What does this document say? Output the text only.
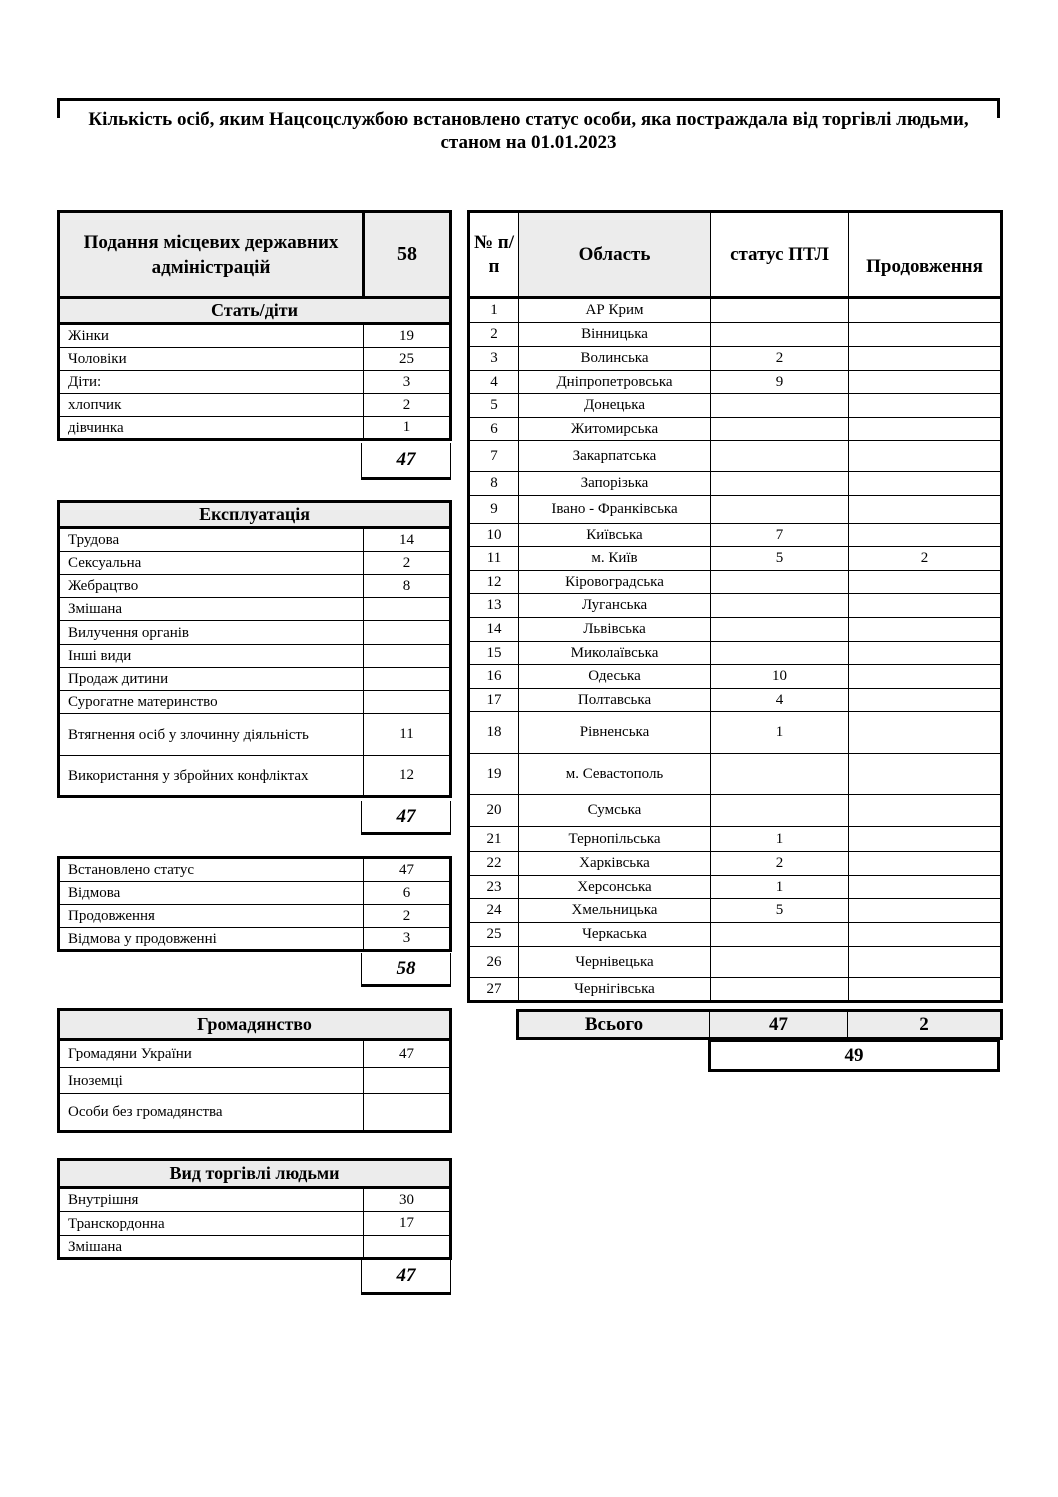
Кількість осіб, яким Нацсоцслужбою встановлено статус особи, яка постраждала від торгівлі людьми, станом на 01.01.2023
Подання місцевих державних адміністрацій	58
Стать/діти	
Жінки	19
Чоловіки	25
Діти:	3
хлопчик	2
дівчинка	1
47
Експлуатація	
Трудова	14
Сексуальна	2
Жебрацтво	8
Змішана	
Вилучення органів	
Інші види	
Продаж дитини	
Сурогатне материнство	
Втягнення осіб у злочинну діяльність	11
Використання у збройних конфліктах	12
47
Встановлено статус	47
Відмова	6
Продовження	2
Відмова у продовженні	3
58
Громадянство	
Громадяни України	47
Іноземці	
Особи без громадянства	
Вид торгівлі людьми	
Внутрішня	30
Транскордонна	17
Змішана	
47
№ п/п	Область	статус ПТЛ	Продовження
1	АР Крим		
2	Вінницька		
3	Волинська	2	
4	Дніпропетровська	9	
5	Донецька		
6	Житомирська		
7	Закарпатська		
8	Запорізька		
9	Івано - Франківська		
10	Київська	7	
11	м. Київ	5	2
12	Кіровоградська		
13	Луганська		
14	Львівська		
15	Миколаївська		
16	Одеська	10	
17	Полтавська	4	
18	Рівненська	1	
19	м. Севастополь		
20	Сумська		
21	Тернопільська	1	
22	Харківська	2	
23	Херсонська	1	
24	Хмельницька	5	
25	Черкаська		
26	Чернівецька		
27	Чернігівська		
Всього	47	2
49
